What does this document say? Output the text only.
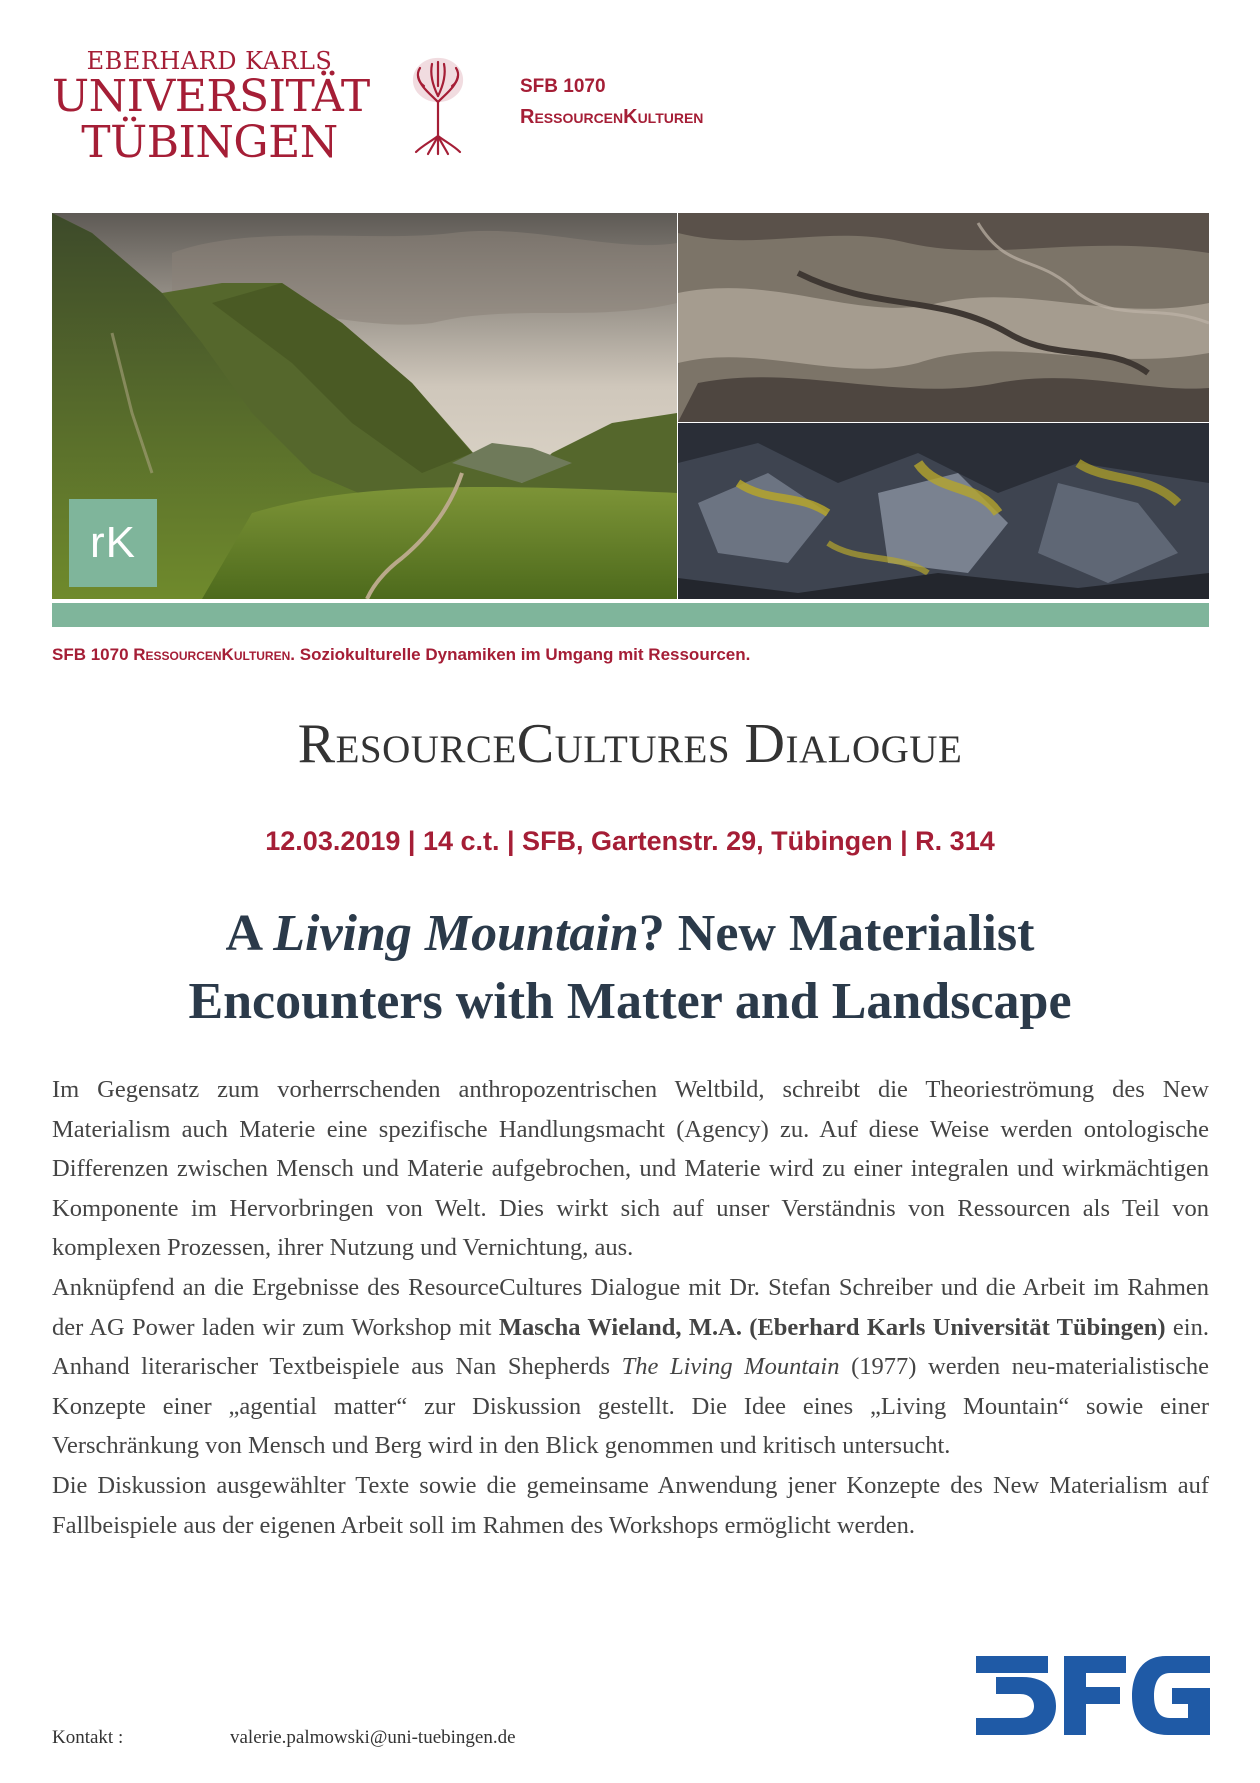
EBERHARD KARLS
UNIVERSITÄT
TÜBINGEN
SFB 1070
RessourcenKulturen
rK
SFB 1070 RessourcenKulturen. Soziokulturelle Dynamiken im Umgang mit Ressourcen.
ResourceCultures Dialogue
12.03.2019 | 14 c.t. | SFB, Gartenstr. 29, Tübingen | R. 314
A Living Mountain? New Materialist
Encounters with Matter and Landscape

Im Gegensatz zum vorherrschenden anthropozentrischen Weltbild, schreibt die Theorieströmung des New Materialism auch Materie eine spezifische Handlungsmacht (Agency) zu. Auf diese Weise werden ontologische Differenzen zwischen Mensch und Materie aufgebrochen, und Materie wird zu einer integralen und wirkmächtigen Komponente im Hervorbringen von Welt. Dies wirkt sich auf unser Verständnis von Ressourcen als Teil von komplexen Prozessen, ihrer Nutzung und Vernichtung, aus.

Anknüpfend an die Ergebnisse des ResourceCultures Dialogue mit Dr. Stefan Schreiber und die Arbeit im Rahmen der AG Power laden wir zum Workshop mit Mascha Wieland, M.A. (Eberhard Karls Universität Tübingen) ein. Anhand literarischer Textbeispiele aus Nan Shepherds The Living Mountain (1977) werden neu-materialistische Konzepte einer „agential matter“ zur Diskussion gestellt. Die Idee eines „Living Mountain“ sowie einer Verschränkung von Mensch und Berg wird in den Blick genommen und kritisch untersucht.

Die Diskussion ausgewählter Texte sowie die gemeinsame Anwendung jener Konzepte des New Materialism auf Fallbeispiele aus der eigenen Arbeit soll im Rahmen des Workshops ermöglicht werden.

Kontakt :	valerie.palmowski@uni-tuebingen.de
